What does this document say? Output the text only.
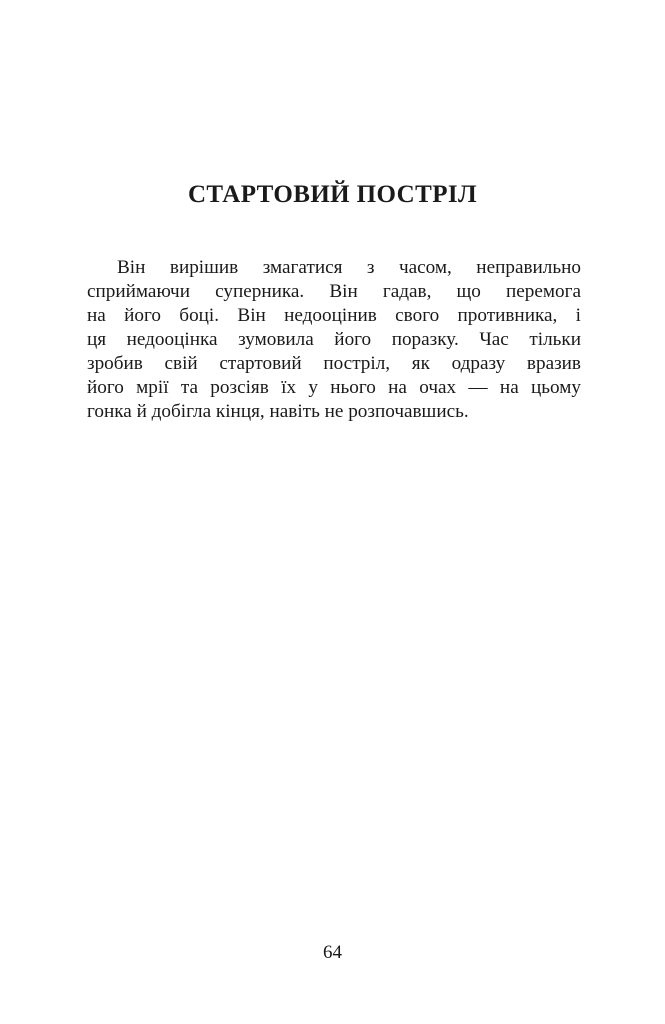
СТАРТОВИЙ ПОСТРІЛ
Він вирішив змагатися з часом, неправильно
сприймаючи суперника. Він гадав, що перемога
на його боці. Він недооцінив свого противника, і
ця недооцінка зумовила його поразку. Час тільки
зробив свій стартовий постріл, як одразу вразив
його мрії та розсіяв їх у нього на очах — на цьому
гонка й добігла кінця, навіть не розпочавшись.
64
